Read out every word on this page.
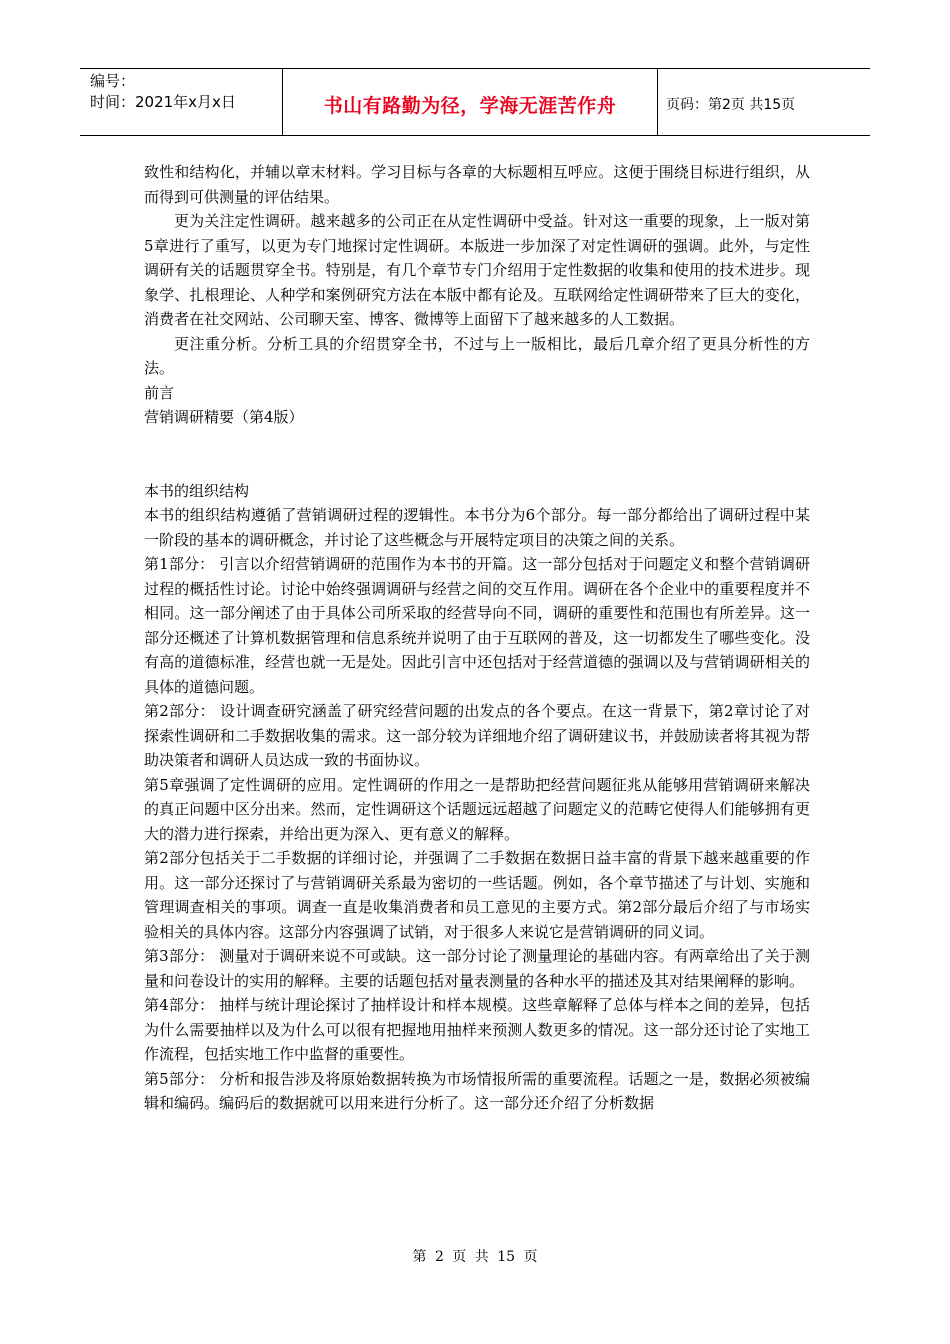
编号：
时间：2021年x月x日	书山有路勤为径，学海无涯苦作舟	页码：第2页 共15页

致性和结构化，并辅以章末材料。学习目标与各章的大标题相互呼应。这便于围绕目标进行组织，从而得到可供测量的评估结果。

更为关注定性调研。越来越多的公司正在从定性调研中受益。针对这一重要的现象，上一版对第5章进行了重写，以更为专门地探讨定性调研。本版进一步加深了对定性调研的强调。此外，与定性调研有关的话题贯穿全书。特别是，有几个章节专门介绍用于定性数据的收集和使用的技术进步。现象学、扎根理论、人种学和案例研究方法在本版中都有论及。互联网给定性调研带来了巨大的变化，消费者在社交网站、公司聊天室、博客、微博等上面留下了越来越多的人工数据。

更注重分析。分析工具的介绍贯穿全书，不过与上一版相比，最后几章介绍了更具分析性的方法。

前言

营销调研精要（第4版）

本书的组织结构

本书的组织结构遵循了营销调研过程的逻辑性。本书分为6个部分。每一部分都给出了调研过程中某一阶段的基本的调研概念，并讨论了这些概念与开展特定项目的决策之间的关系。

第1部分： 引言以介绍营销调研的范围作为本书的开篇。这一部分包括对于问题定义和整个营销调研过程的概括性讨论。讨论中始终强调调研与经营之间的交互作用。调研在各个企业中的重要程度并不相同。这一部分阐述了由于具体公司所采取的经营导向不同，调研的重要性和范围也有所差异。这一部分还概述了计算机数据管理和信息系统并说明了由于互联网的普及，这一切都发生了哪些变化。没有高的道德标准，经营也就一无是处。因此引言中还包括对于经营道德的强调以及与营销调研相关的具体的道德问题。

第2部分： 设计调查研究涵盖了研究经营问题的出发点的各个要点。在这一背景下，第2章讨论了对探索性调研和二手数据收集的需求。这一部分较为详细地介绍了调研建议书，并鼓励读者将其视为帮助决策者和调研人员达成一致的书面协议。

第5章强调了定性调研的应用。定性调研的作用之一是帮助把经营问题征兆从能够用营销调研来解决的真正问题中区分出来。然而，定性调研这个话题远远超越了问题定义的范畴它使得人们能够拥有更大的潜力进行探索，并给出更为深入、更有意义的解释。

第2部分包括关于二手数据的详细讨论，并强调了二手数据在数据日益丰富的背景下越来越重要的作用。这一部分还探讨了与营销调研关系最为密切的一些话题。例如，各个章节描述了与计划、实施和管理调查相关的事项。调查一直是收集消费者和员工意见的主要方式。第2部分最后介绍了与市场实验相关的具体内容。这部分内容强调了试销，对于很多人来说它是营销调研的同义词。

第3部分： 测量对于调研来说不可或缺。这一部分讨论了测量理论的基础内容。有两章给出了关于测量和问卷设计的实用的解释。主要的话题包括对量表测量的各种水平的描述及其对结果阐释的影响。

第4部分： 抽样与统计理论探讨了抽样设计和样本规模。这些章解释了总体与样本之间的差异，包括为什么需要抽样以及为什么可以很有把握地用抽样来预测人数更多的情况。这一部分还讨论了实地工作流程，包括实地工作中监督的重要性。

第5部分： 分析和报告涉及将原始数据转换为市场情报所需的重要流程。话题之一是，数据必须被编辑和编码。编码后的数据就可以用来进行分析了。这一部分还介绍了分析数据

第 2 页 共 15 页
